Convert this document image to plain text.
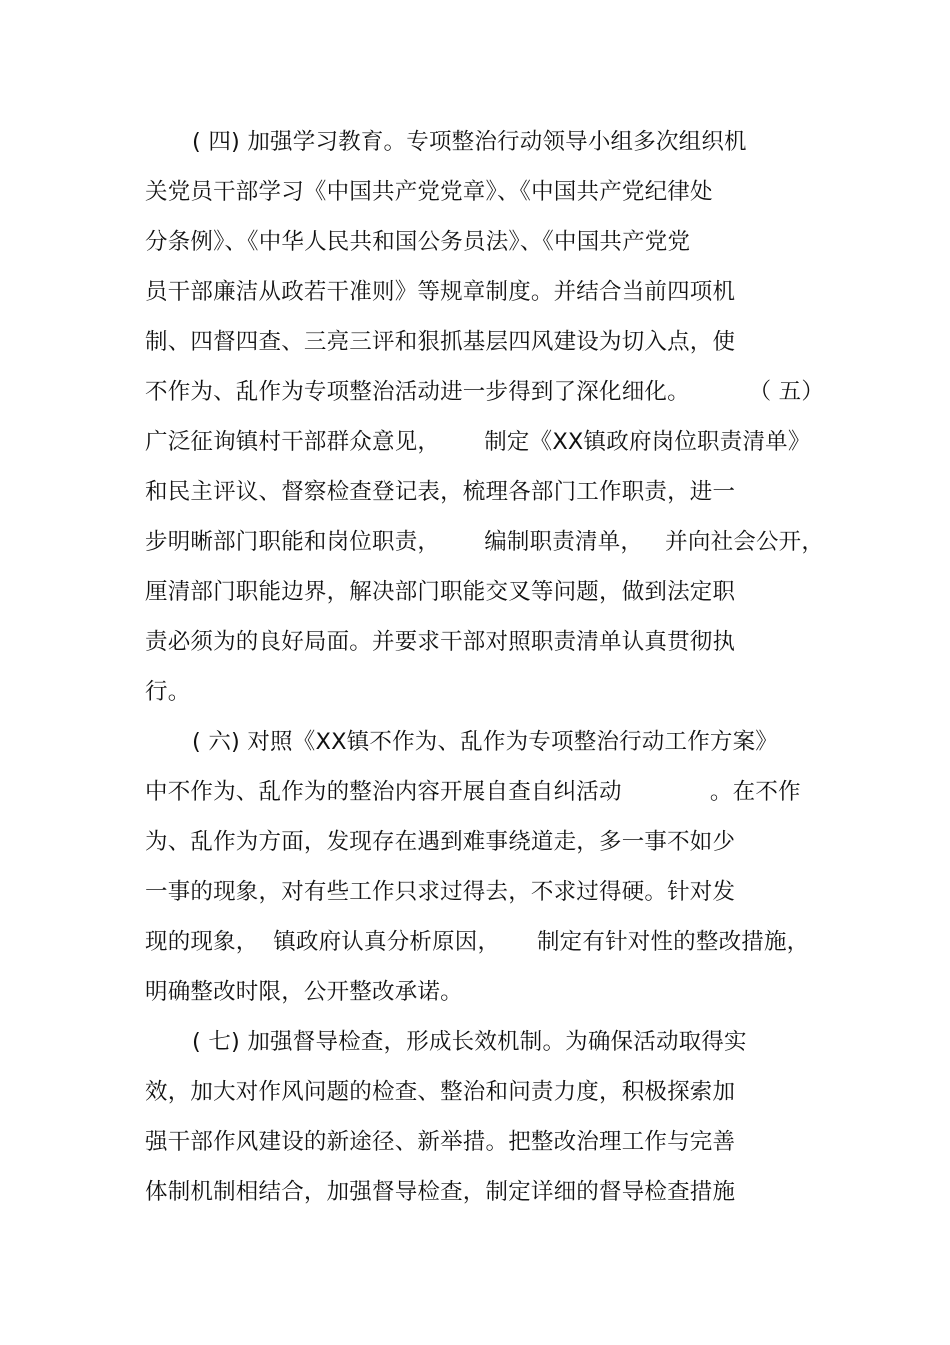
( 四) 加强学习教育。专项整治行动领导小组多次组织机
关党员干部学习《中国共产党党章》、《中国共产党纪律处
分条例》、《中华人民共和国公务员法》、《中国共产党党
员干部廉洁从政若干准则》等规章制度。并结合当前四项机
制、四督四查、三亮三评和狠抓基层四风建设为切入点，使
不作为、乱作为专项整治活动进一步得到了深化细化。        （ 五）
广泛征询镇村干部群众意见，      制定《XX镇政府岗位职责清单》
和民主评议、督察检查登记表，梳理各部门工作职责，进一
步明晰部门职能和岗位职责，      编制职责清单，   并向社会公开，
厘清部门职能边界，解决部门职能交叉等问题，做到法定职
责必须为的良好局面。并要求干部对照职责清单认真贯彻执
行。
( 六) 对照《XX镇不作为、乱作为专项整治行动工作方案》
中不作为、乱作为的整治内容开展自查自纠活动            。在不作
为、乱作为方面，发现存在遇到难事绕道走，多一事不如少
一事的现象，对有些工作只求过得去，不求过得硬。针对发
现的现象，  镇政府认真分析原因，     制定有针对性的整改措施，
明确整改时限，公开整改承诺。
( 七) 加强督导检查，形成长效机制。为确保活动取得实
效，加大对作风问题的检查、整治和问责力度，积极探索加
强干部作风建设的新途径、新举措。把整改治理工作与完善
体制机制相结合，加强督导检查，制定详细的督导检查措施
